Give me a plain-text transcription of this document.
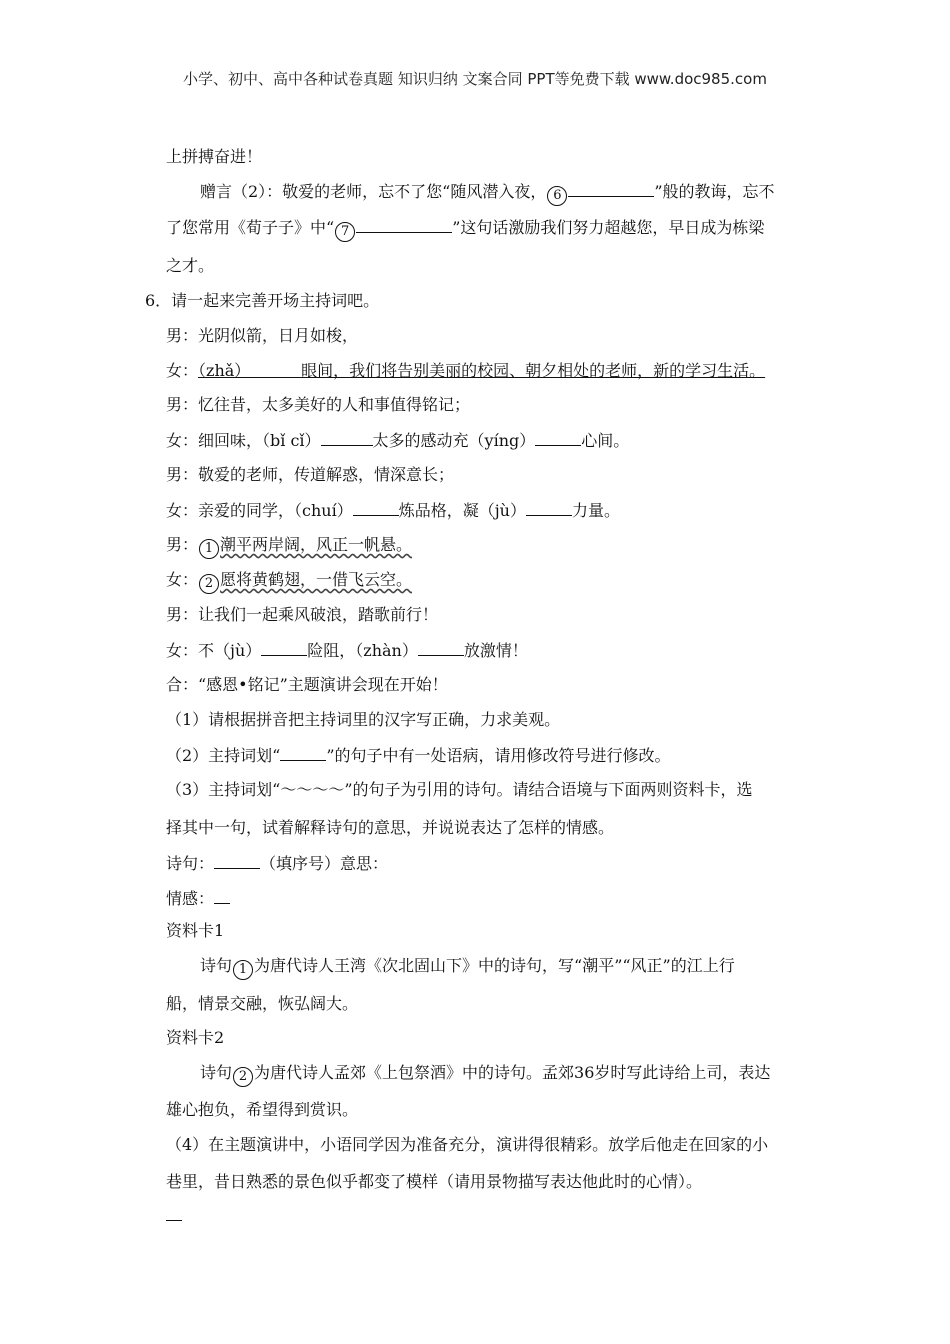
小学、初中、高中各种试卷真题 知识归纳 文案合同 PPT等免费下载 www.doc985.com
上拼搏奋进！
赠言（2）：敬爱的老师，忘不了您“随风潜入夜， 6	”般的教诲，忘不
了您常用《荀子子》中“ 7	”这句话激励我们努力超越您，早日成为栋梁
之才。
6．请一起来完善开场主持词吧。
男：光阴似箭，日月如梭，
女：（zhǎ）          眼间，我们将告别美丽的校园、朝夕相处的老师，新的学习生活。
男：忆往昔，太多美好的人和事值得铭记；
女：细回味，（bǐ cǐ）	太多的感动充（yíng）	心间。
男：敬爱的老师，传道解惑，情深意长；
女：亲爱的同学，（chuí）	炼品格，凝（jù）	力量。
男： 1 潮平两岸阔，风正一帆悬。
女： 2 愿将黄鹤翅，一借飞云空。
男：让我们一起乘风破浪，踏歌前行！
女：不（jù）	险阻，（zhàn）	放激情！
合：“感恩•铭记”主题演讲会现在开始！
（1）请根据拼音把主持词里的汉字写正确，力求美观。
（2）主持词划“	”的句子中有一处语病，请用修改符号进行修改。
（3）主持词划“～～～～”的句子为引用的诗句。请结合语境与下面两则资料卡，选
择其中一句，试着解释诗句的意思，并说说表达了怎样的情感。
诗句：	（填序号）意思：
情感：
资料卡1
诗句 1 为唐代诗人王湾《次北固山下》中的诗句，写“潮平”“风正”的江上行
船，情景交融，恢弘阔大。
资料卡2
诗句 2 为唐代诗人孟郊《上包祭酒》中的诗句。孟郊36岁时写此诗给上司，表达
雄心抱负，希望得到赏识。
（4）在主题演讲中，小语同学因为准备充分，演讲得很精彩。放学后他走在回家的小
巷里，昔日熟悉的景色似乎都变了模样（请用景物描写表达他此时的心情）。
